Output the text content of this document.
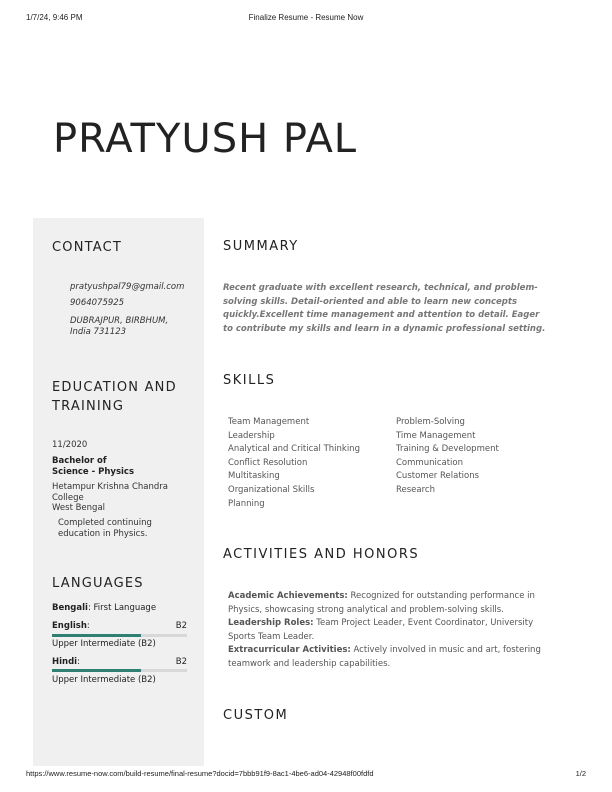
1/7/24, 9:46 PM	Finalize Resume - Resume Now
PRATYUSH PAL
CONTACT
pratyushpal79@gmail.com
9064075925
DUBRAJPUR, BIRBHUM,
India 731123
EDUCATION AND
TRAINING
11/2020
Bachelor of
Science - Physics
Hetampur Krishna Chandra
College
West Bengal
Completed continuing
education in Physics.
LANGUAGES
Bengali: First Language
English:	B2
Upper Intermediate (B2)
Hindi:	B2
Upper Intermediate (B2)
SUMMARY
Recent graduate with excellent research, technical, and problem-
solving skills. Detail-oriented and able to learn new concepts
quickly.Excellent time management and attention to detail. Eager
to contribute my skills and learn in a dynamic professional setting.
SKILLS
Team Management
Leadership
Analytical and Critical Thinking
Conflict Resolution
Multitasking
Organizational Skills
Planning
Problem-Solving
Time Management
Training & Development
Communication
Customer Relations
Research
ACTIVITIES AND HONORS

Academic Achievements: Recognized for outstanding performance in
Physics, showcasing strong analytical and problem-solving skills.

Leadership Roles: Team Project Leader, Event Coordinator, University
Sports Team Leader.

Extracurricular Activities: Actively involved in music and art, fostering
teamwork and leadership capabilities.

CUSTOM
https://www.resume-now.com/build-resume/final-resume?docid=7bbb91f9-8ac1-4be6-ad04-42948f00fdfd	1/2
